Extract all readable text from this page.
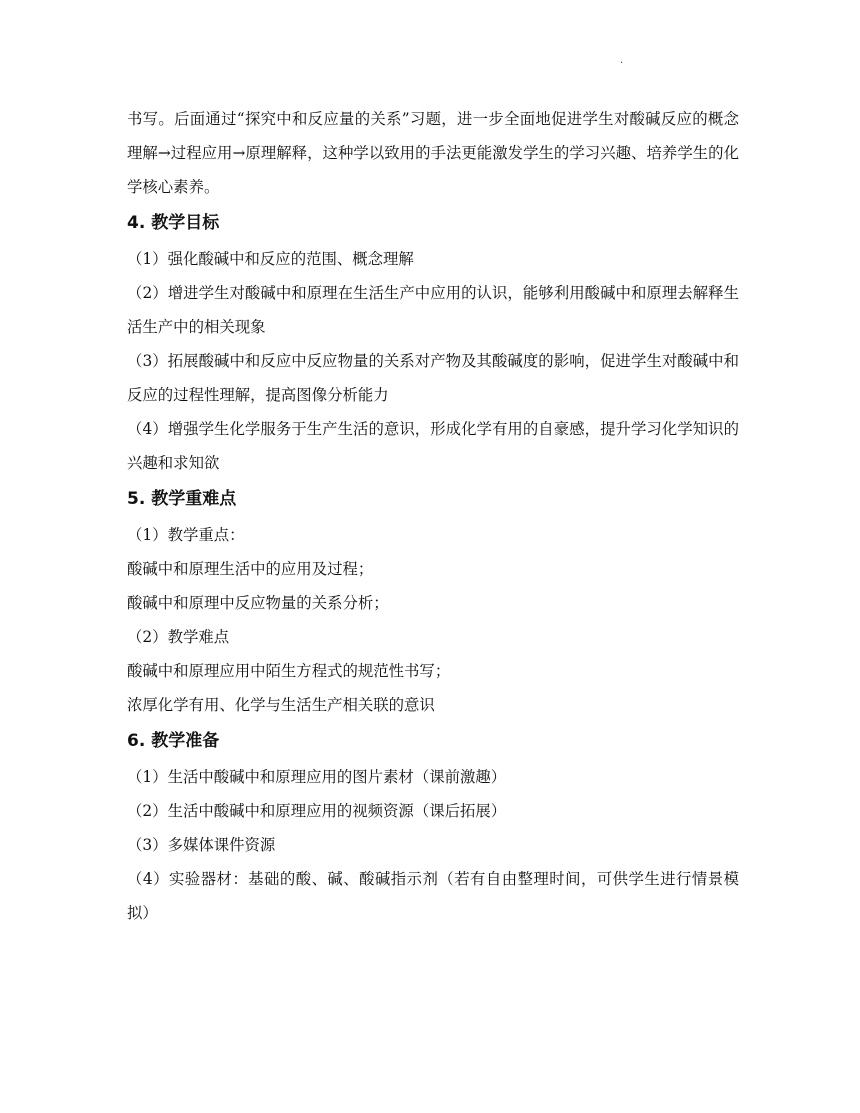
.

书写。后面通过“探究中和反应量的关系”习题，进一步全面地促进学生对酸碱反应的概念理解→过程应用→原理解释，这种学以致用的手法更能激发学生的学习兴趣、培养学生的化学核心素养。

4. 教学目标

（1）强化酸碱中和反应的范围、概念理解

（2）增进学生对酸碱中和原理在生活生产中应用的认识，能够利用酸碱中和原理去解释生活生产中的相关现象

（3）拓展酸碱中和反应中反应物量的关系对产物及其酸碱度的影响，促进学生对酸碱中和反应的过程性理解，提高图像分析能力

（4）增强学生化学服务于生产生活的意识，形成化学有用的自豪感，提升学习化学知识的兴趣和求知欲

5. 教学重难点

（1）教学重点：

酸碱中和原理生活中的应用及过程；

酸碱中和原理中反应物量的关系分析；

（2）教学难点

酸碱中和原理应用中陌生方程式的规范性书写；

浓厚化学有用、化学与生活生产相关联的意识

6. 教学准备

（1）生活中酸碱中和原理应用的图片素材（课前激趣）

（2）生活中酸碱中和原理应用的视频资源（课后拓展）

（3）多媒体课件资源

（4）实验器材：基础的酸、碱、酸碱指示剂（若有自由整理时间，可供学生进行情景模拟）
